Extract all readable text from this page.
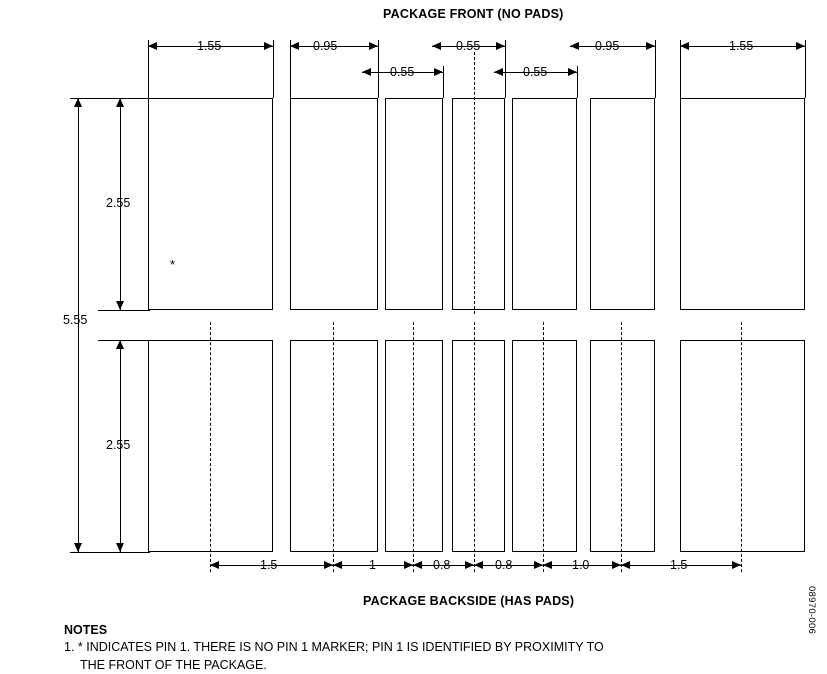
PACKAGE FRONT (NO PADS)
1.55	0.95	0.55	0.95	1.55
0.55	0.55
*
2.55
5.55
2.55
1.5	1	0.8	0.8	1.0	1.5
PACKAGE BACKSIDE (HAS PADS)	08970-006
NOTES
1. * INDICATES PIN 1. THERE IS NO PIN 1 MARKER; PIN 1 IS IDENTIFIED BY PROXIMITY TO
THE FRONT OF THE PACKAGE.
